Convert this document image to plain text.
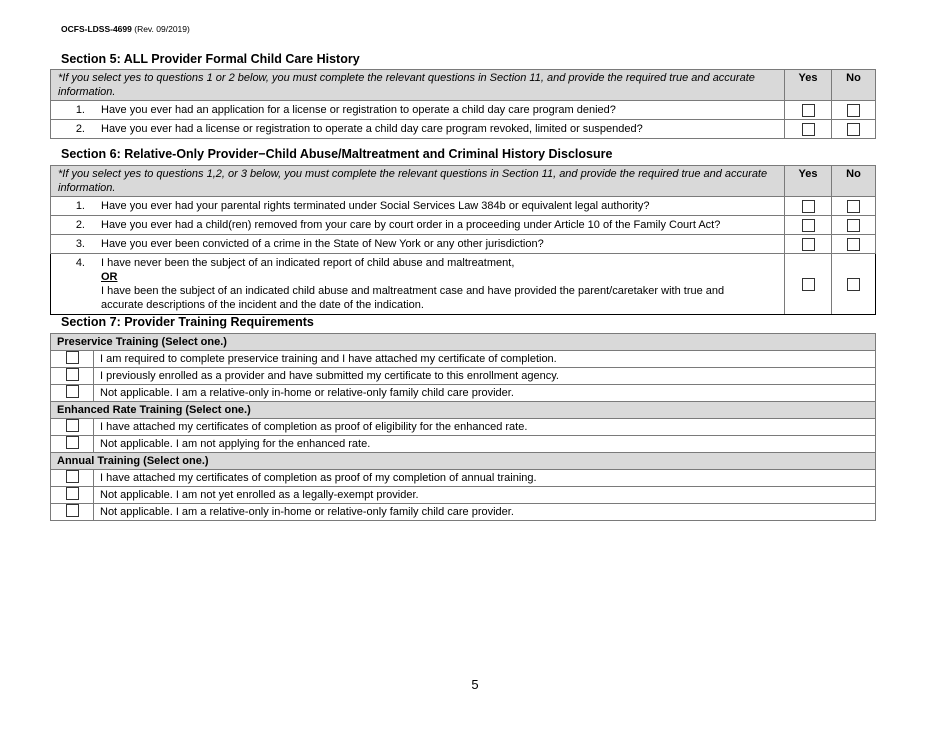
OCFS-LDSS-4699 (Rev. 09/2019)
Section 5: ALL Provider Formal Child Care History
*If you select yes to questions 1 or 2 below, you must complete the relevant questions in Section 11, and provide the required true and accurate information.	Yes	No

1. Have you ever had an application for a license or registration to operate a child day care program denied?		

2. Have you ever had a license or registration to operate a child day care program revoked, limited or suspended?		
Section 6: Relative-Only Provider−Child Abuse/Maltreatment and Criminal History Disclosure
*If you select yes to questions 1,2, or 3 below, you must complete the relevant questions in Section 11, and provide the required true and accurate information.	Yes	No

1. Have you ever had your parental rights terminated under Social Services Law 384b or equivalent legal authority?		

2. Have you ever had a child(ren) removed from your care by court order in a proceeding under Article 10 of the Family Court Act?		

3. Have you ever been convicted of a crime in the State of New York or any other jurisdiction?		

4. I have never been the subject of an indicated report of child abuse and maltreatment,
OR
I have been the subject of an indicated child abuse and maltreatment case and have provided the parent/caretaker with true and accurate descriptions of the incident and the date of the indication.		

Section 7: Provider Training Requirements
Preservice Training (Select one.)	
	I am required to complete preservice training and I have attached my certificate of completion.
	I previously enrolled as a provider and have submitted my certificate to this enrollment agency.
	Not applicable. I am a relative-only in-home or relative-only family child care provider.
Enhanced Rate Training (Select one.)	
	I have attached my certificates of completion as proof of eligibility for the enhanced rate.
	Not applicable. I am not applying for the enhanced rate.
Annual Training (Select one.)	
	I have attached my certificates of completion as proof of my completion of annual training.
	Not applicable. I am not yet enrolled as a legally-exempt provider.
	Not applicable. I am a relative-only in-home or relative-only family child care provider.
5
